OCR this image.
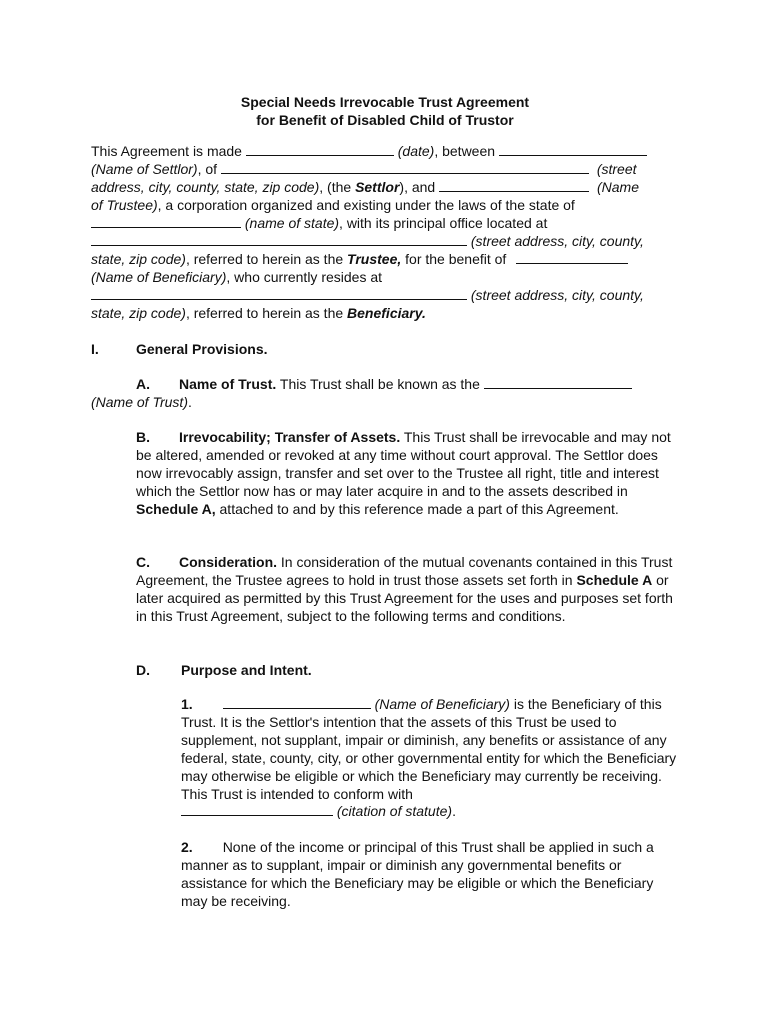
Special Needs Irrevocable Trust Agreement
for Benefit of Disabled Child of Trustor
This Agreement is made	(date), between
(Name of Settlor), of	(street
address, city, county, state, zip code), (the Settlor), and	(Name
of Trustee), a corporation organized and existing under the laws of the state of
(name of state), with its principal office located at
(street address, city, county,
state, zip code), referred to herein as the Trustee, for the benefit of
(Name of Beneficiary), who currently resides at
(street address, city, county,
state, zip code), referred to herein as the Beneficiary.
I.	General Provisions.
A. Name of Trust. This Trust shall be known as the
(Name of Trust).
B. Irrevocability; Transfer of Assets. This Trust shall be irrevocable and may not be altered, amended or revoked at any time without court approval. The Settlor does now irrevocably assign, transfer and set over to the Trustee all right, title and interest which the Settlor now has or may later acquire in and to the assets described in Schedule A, attached to and by this reference made a part of this Agreement.
C. Consideration. In consideration of the mutual covenants contained in this Trust Agreement, the Trustee agrees to hold in trust those assets set forth in Schedule A or later acquired as permitted by this Trust Agreement for the uses and purposes set forth in this Trust Agreement, subject to the following terms and conditions.
D. Purpose and Intent.
1.	(Name of Beneficiary) is the Beneficiary of this Trust. It is the Settlor's intention that the assets of this Trust be used to supplement, not supplant, impair or diminish, any benefits or assistance of any federal, state, county, city, or other governmental entity for which the Beneficiary may otherwise be eligible or which the Beneficiary may currently be receiving. This Trust is intended to conform with
(citation of statute).
2. None of the income or principal of this Trust shall be applied in such a manner as to supplant, impair or diminish any governmental benefits or assistance for which the Beneficiary may be eligible or which the Beneficiary may be receiving.
